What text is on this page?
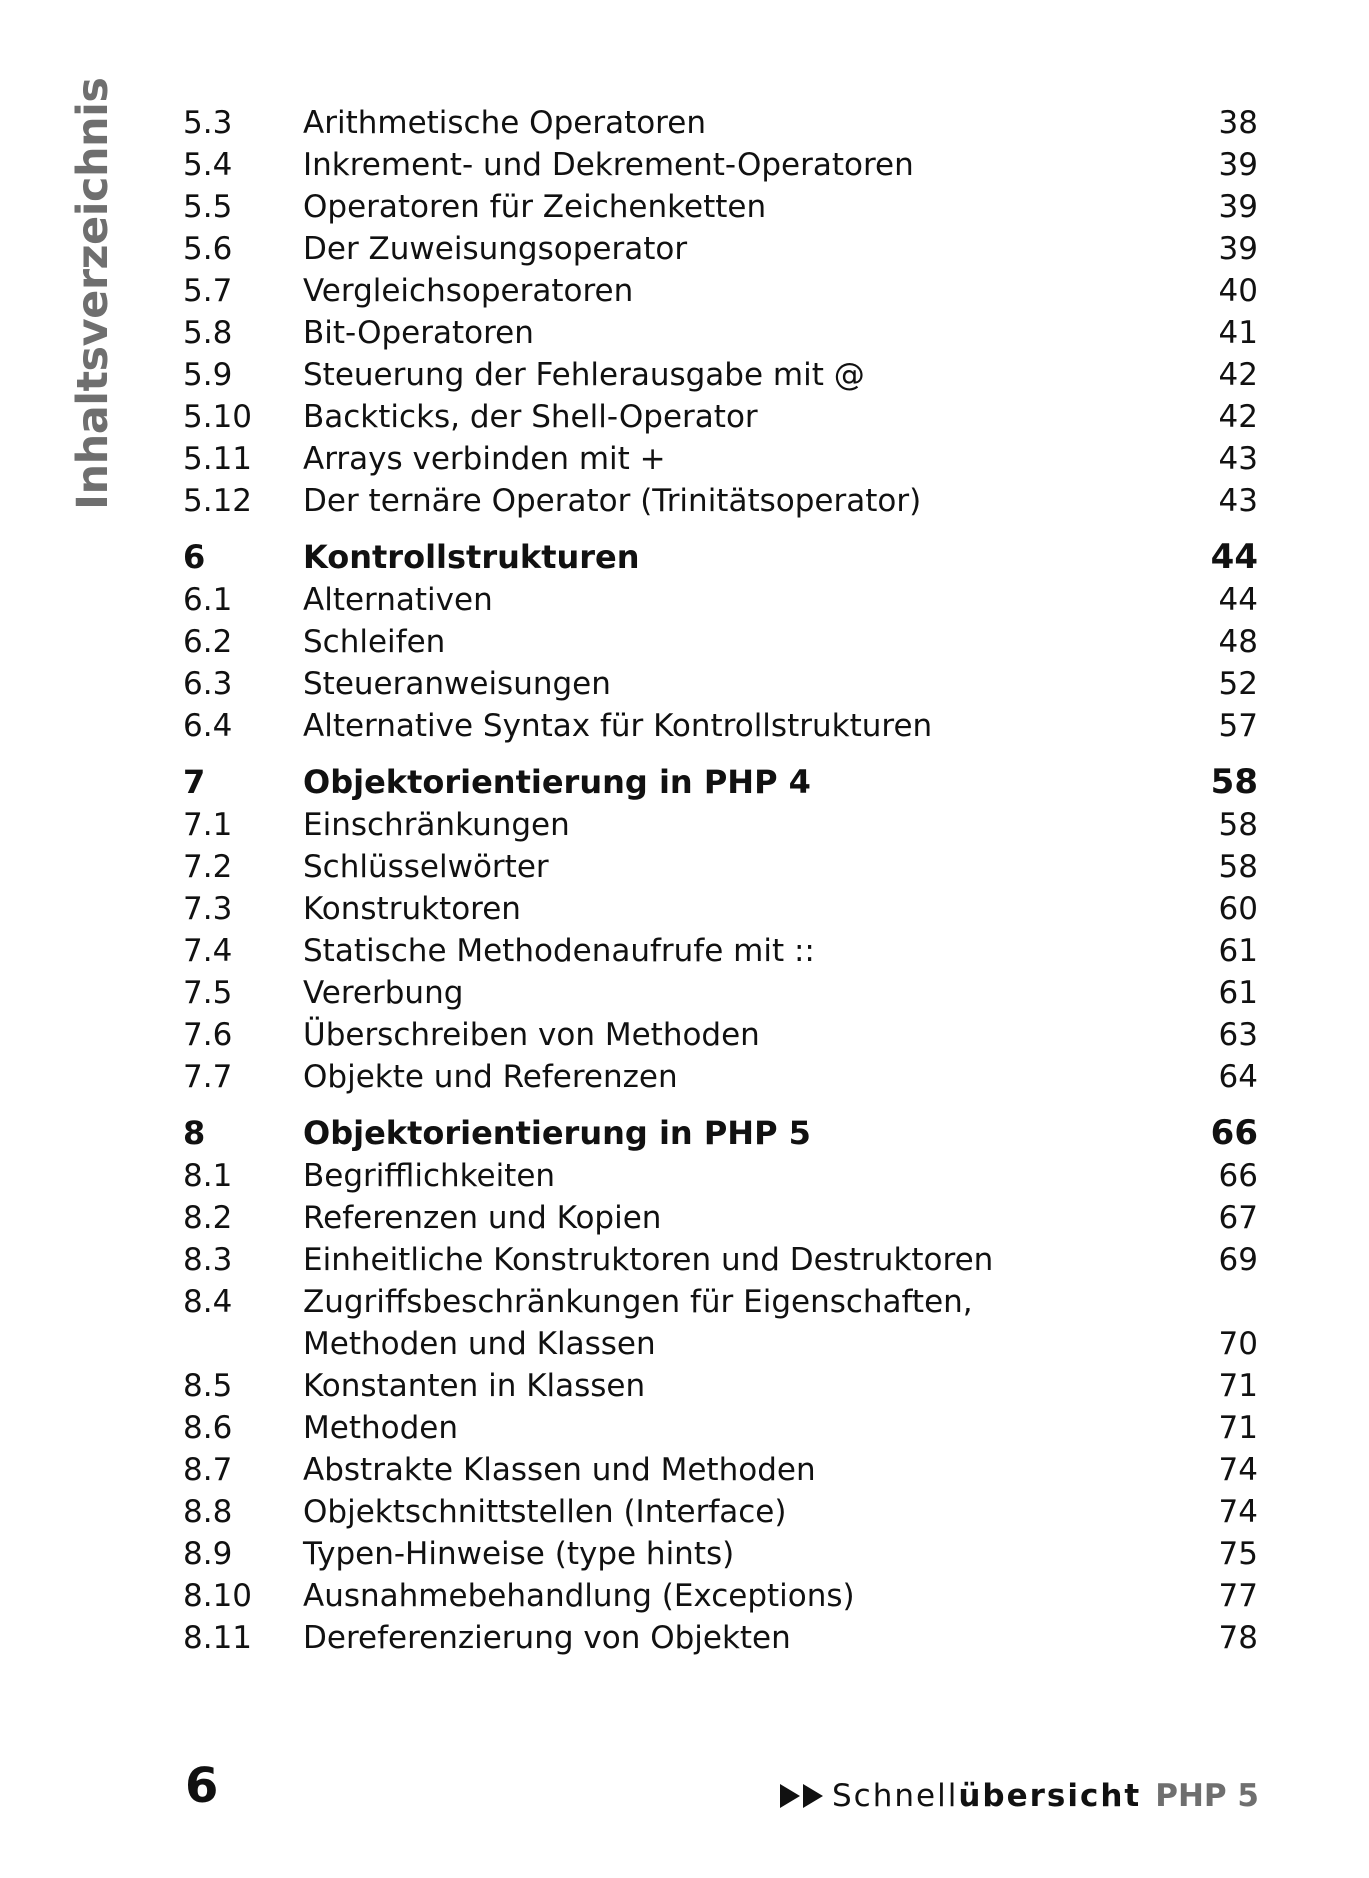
Inhaltsverzeichnis 5.3 Arithmetische Operatoren	38
5.4 Inkrement- und Dekrement-Operatoren	39
5.5 Operatoren für Zeichenketten	39
5.6 Der Zuweisungsoperator	39
5.7 Vergleichsoperatoren	40
5.8 Bit-Operatoren	41
5.9 Steuerung der Fehlerausgabe mit @	42
5.10 Backticks, der Shell-Operator	42
5.11 Arrays verbinden mit +	43
5.12 Der ternäre Operator (Trinitätsoperator)	43
6	Kontrollstrukturen	44
6.1 Alternativen	44
6.2 Schleifen	48
6.3 Steueranweisungen	52
6.4 Alternative Syntax für Kontrollstrukturen	57
7	Objektorientierung in PHP 4	58
7.1 Einschränkungen	58
7.2 Schlüsselwörter	58
7.3 Konstruktoren	60
7.4 Statische Methodenaufrufe mit ::	61
7.5 Vererbung	61
7.6 Überschreiben von Methoden	63
7.7 Objekte und Referenzen	64
8	Objektorientierung in PHP 5	66
8.1 Begrifflichkeiten	66
8.2 Referenzen und Kopien	67
8.3 Einheitliche Konstruktoren und Destruktoren	69
8.4 Zugriffsbeschränkungen für Eigenschaften,
Methoden und Klassen	70
8.5 Konstanten in Klassen	71
8.6 Methoden	71
8.7 Abstrakte Klassen und Methoden	74
8.8 Objektschnittstellen (Interface)	74
8.9 Typen-Hinweise (type hints)	75
8.10 Ausnahmebehandlung (Exceptions)	77
8.11 Dereferenzierung von Objekten	78
6	Schnell übersicht PHP 5
